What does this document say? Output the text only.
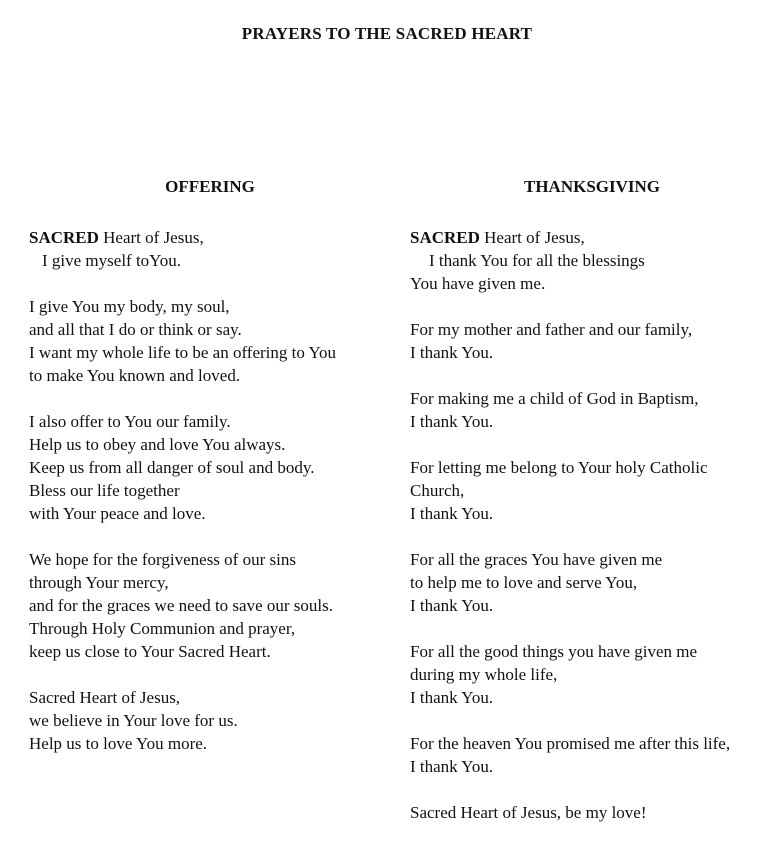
PRAYERS TO THE SACRED HEART
OFFERING	THANKSGIVING
SACRED Heart of Jesus,
I give myself toYou.
I give You my body, my soul,
and all that I do or think or say.
I want my whole life to be an offering to You
to make You known and loved.
I also offer to You our family.
Help us to obey and love You always.
Keep us from all danger of soul and body.
Bless our life together
with Your peace and love.
We hope for the forgiveness of our sins
through Your mercy,
and for the graces we need to save our souls.
Through Holy Communion and prayer,
keep us close to Your Sacred Heart.
Sacred Heart of Jesus,
we believe in Your love for us.
Help us to love You more.
SACRED Heart of Jesus,
I thank You for all the blessings
You have given me.
For my mother and father and our family,
I thank You.
For making me a child of God in Baptism,
I thank You.
For letting me belong to Your holy Catholic
Church,
I thank You.
For all the graces You have given me
to help me to love and serve You,
I thank You.
For all the good things you have given me
during my whole life,
I thank You.
For the heaven You promised me after this life,
I thank You.
Sacred Heart of Jesus, be my love!
